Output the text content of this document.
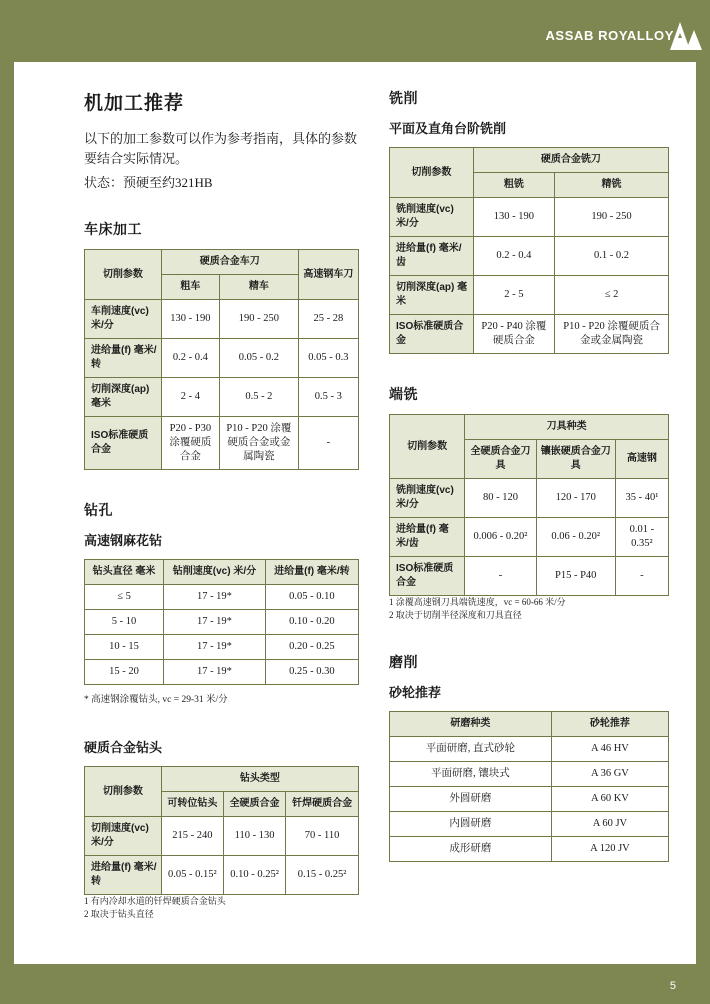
ASSAB ROYALLOY
机加工推荐

以下的加工参数可以作为参考指南，具体的参数要结合实际情况。

状态：预硬至约321HB

车床加工
切削参数	硬质合金车刀		高速钢车刀
	粗车	精车	
车削速度(vc) 米/分	130 - 190	190 - 250	25 - 28
进给量(f) 毫米/转	0.2 - 0.4	0.05 - 0.2	0.05 - 0.3
切削深度(ap) 毫米	2 - 4	0.5 - 2	0.5 - 3
ISO标准硬质合金	P20 - P30 涂覆硬质合金	P10 - P20 涂覆硬质合金或金属陶瓷	-
钻孔
高速钢麻花钻
钻头直径 毫米	钻削速度(vc) 米/分	进给量(f) 毫米/转
≤ 5	17 - 19*	0.05 - 0.10
5 - 10	17 - 19*	0.10 - 0.20
10 - 15	17 - 19*	0.20 - 0.25
15 - 20	17 - 19*	0.25 - 0.30

* 高速钢涂覆钻头, vc = 29-31 米/分

硬质合金钻头
切削参数	钻头类型		
	可转位钻头	全硬质合金	钎焊硬质合金
切削速度(vc) 米/分	215 - 240	110 - 130	70 - 110
进给量(f) 毫米/转	0.05 - 0.15²	0.10 - 0.25²	0.15 - 0.25²

1 有内冷却水道的钎焊硬质合金钻头

2 取决于钻头直径

铣削
平面及直角台阶铣削
切削参数	硬质合金铣刀	
	粗铣	精铣
铣削速度(vc) 米/分	130 - 190	190 - 250
进给量(f) 毫米/齿	0.2 - 0.4	0.1 - 0.2
切削深度(ap) 毫米	2 - 5	≤ 2
ISO标准硬质合金	P20 - P40 涂覆硬质合金	P10 - P20 涂覆硬质合金或金属陶瓷
端铣
切削参数	刀具种类		
	全硬质合金刀具	镶嵌硬质合金刀具	高速钢
铣削速度(vc) 米/分	80 - 120	120 - 170	35 - 40¹
进给量(f) 毫米/齿	0.006 - 0.20²	0.06 - 0.20²	0.01 - 0.35²
ISO标准硬质合金	-	P15 - P40	-

1 涂覆高速钢刀具端铣速度，vc = 60-66 米/分

2 取决于切削半径深度和刀具直径

磨削
砂轮推荐
研磨种类	砂轮推荐
平面研磨, 直式砂轮	A 46 HV
平面研磨, 镶块式	A 36 GV
外圆研磨	A 60 KV
内圆研磨	A 60 JV
成形研磨	A 120 JV
5
